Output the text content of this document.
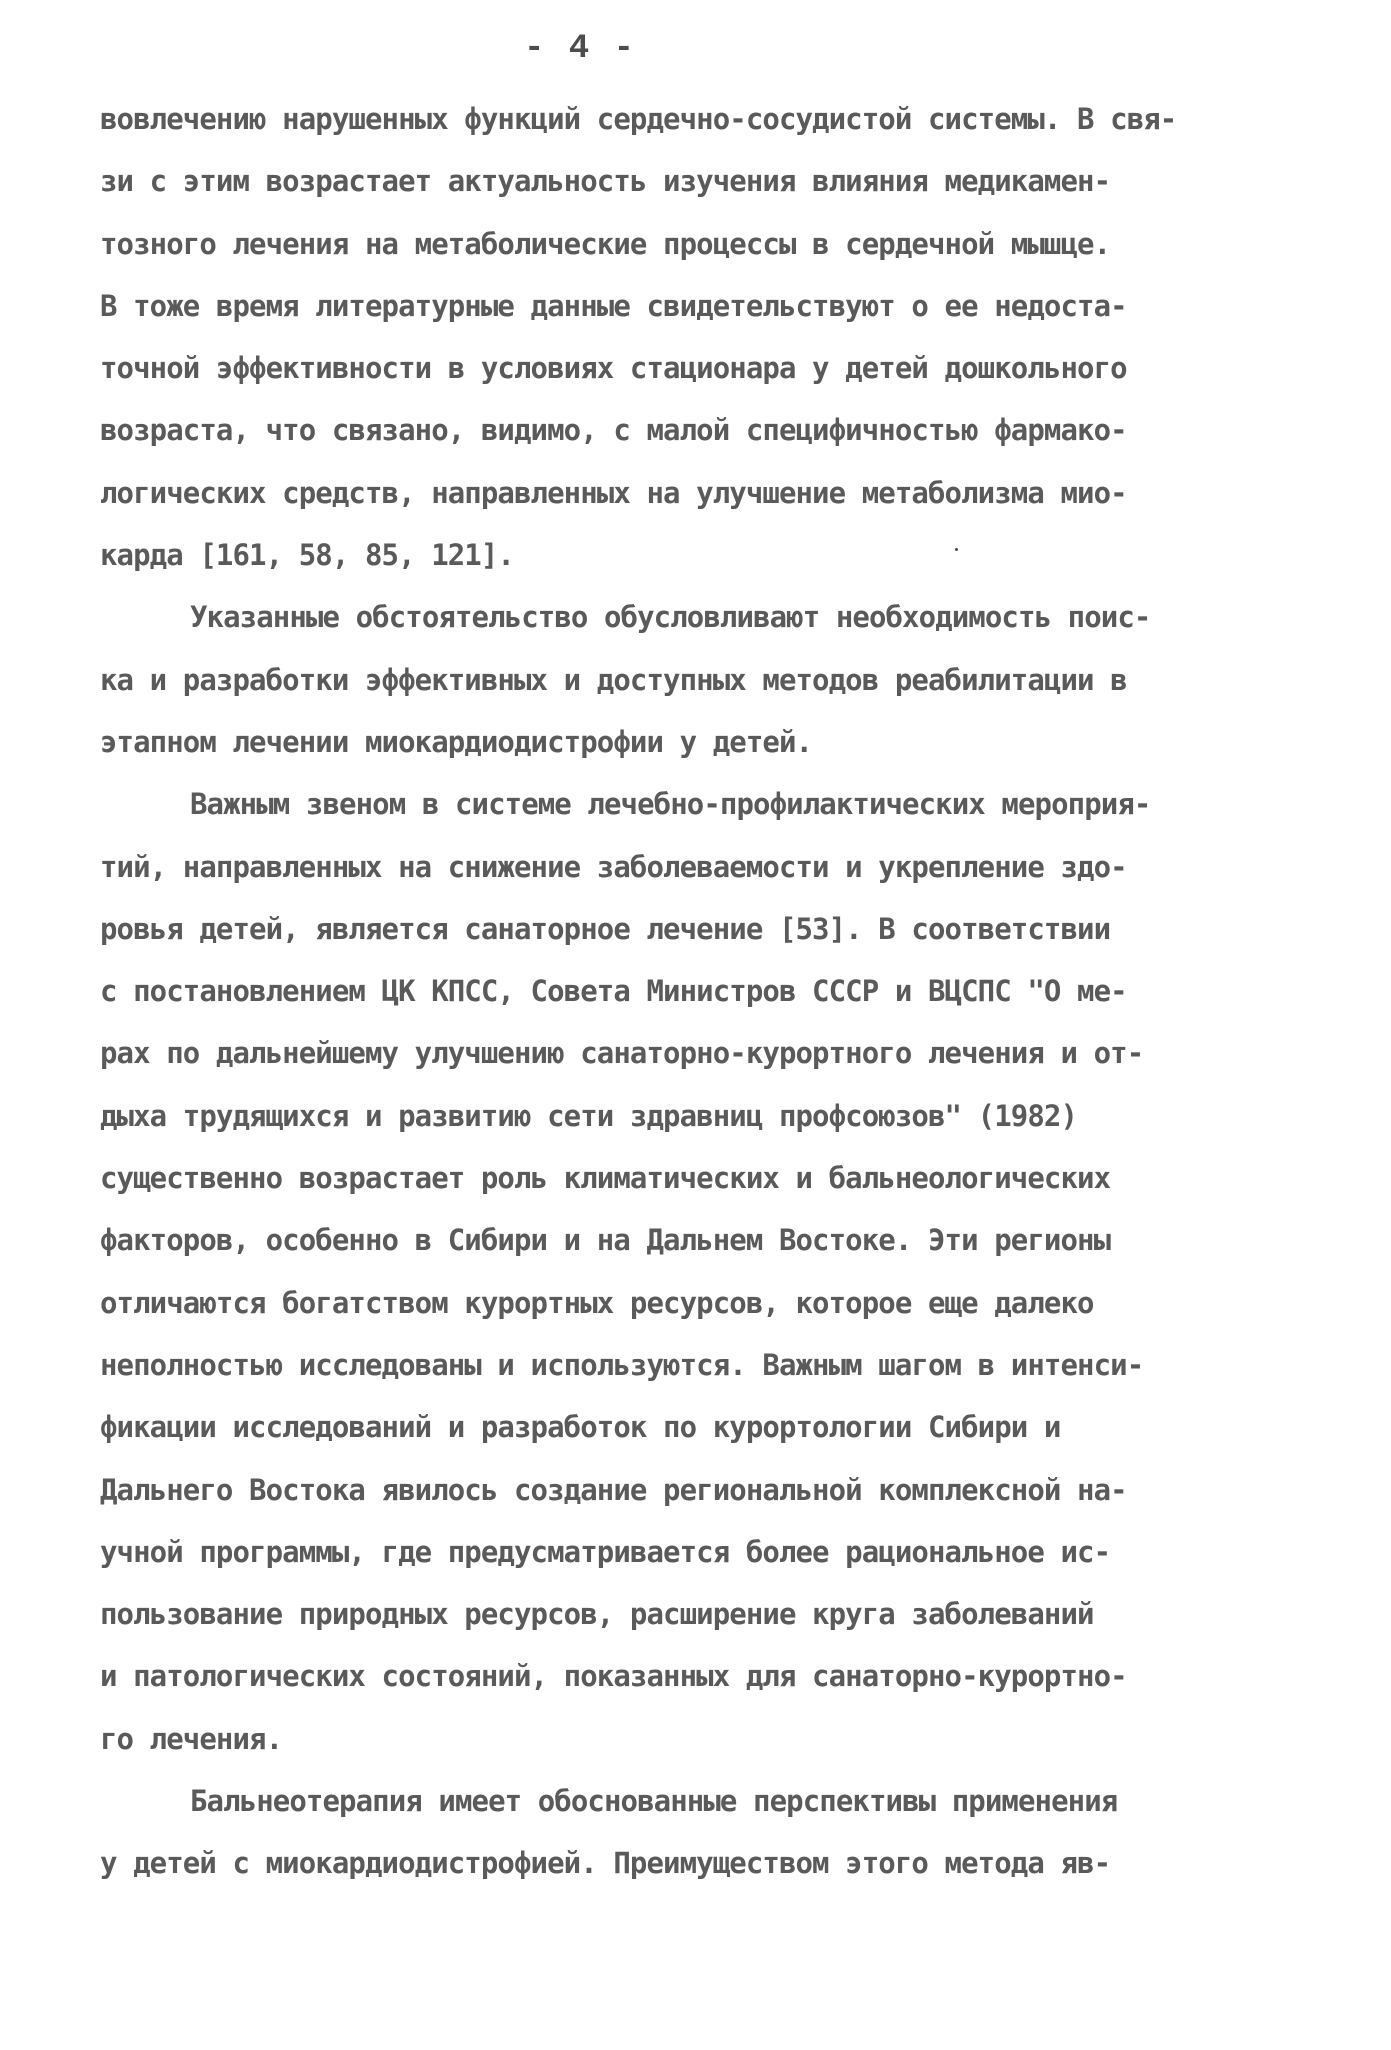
- 4 -
вовлечению нарушенных функций сердечно-сосудистой системы. В свя-
зи с этим возрастает актуальность изучения влияния медикамен-
тозного лечения на метаболические процессы в сердечной мышце.
В тоже время литературные данные свидетельствуют о ее недоста-
точной эффективности в условиях стационара у детей дошкольного
возраста, что связано, видимо, с малой специфичностью фармако-
логических средств, направленных на улучшение метаболизма мио-
карда [161, 58, 85, 121].
Указанные обстоятельство обусловливают необходимость поис-
ка и разработки эффективных и доступных методов реабилитации в
этапном лечении миокардиодистрофии у детей.
Важным звеном в системе лечебно-профилактических мероприя-
тий, направленных на снижение заболеваемости и укрепление здо-
ровья детей, является санаторное лечение [53]. В соответствии
с постановлением ЦК КПСС, Совета Министров СССР и ВЦСПС "О ме-
рах по дальнейшему улучшению санаторно-курортного лечения и от-
дыха трудящихся и развитию сети здравниц профсоюзов" (1982)
существенно возрастает роль климатических и бальнеологических
факторов, особенно в Сибири и на Дальнем Востоке. Эти регионы
отличаются богатством курортных ресурсов, которое еще далеко
неполностью исследованы и используются. Важным шагом в интенси-
фикации исследований и разработок по курортологии Сибири и
Дальнего Востока явилось создание региональной комплексной на-
учной программы, где предусматривается более рациональное ис-
пользование природных ресурсов, расширение круга заболеваний
и патологических состояний, показанных для санаторно-курортно-
го лечения.
Бальнеотерапия имеет обоснованные перспективы применения
у детей с миокардиодистрофией. Преимуществом этого метода яв-
